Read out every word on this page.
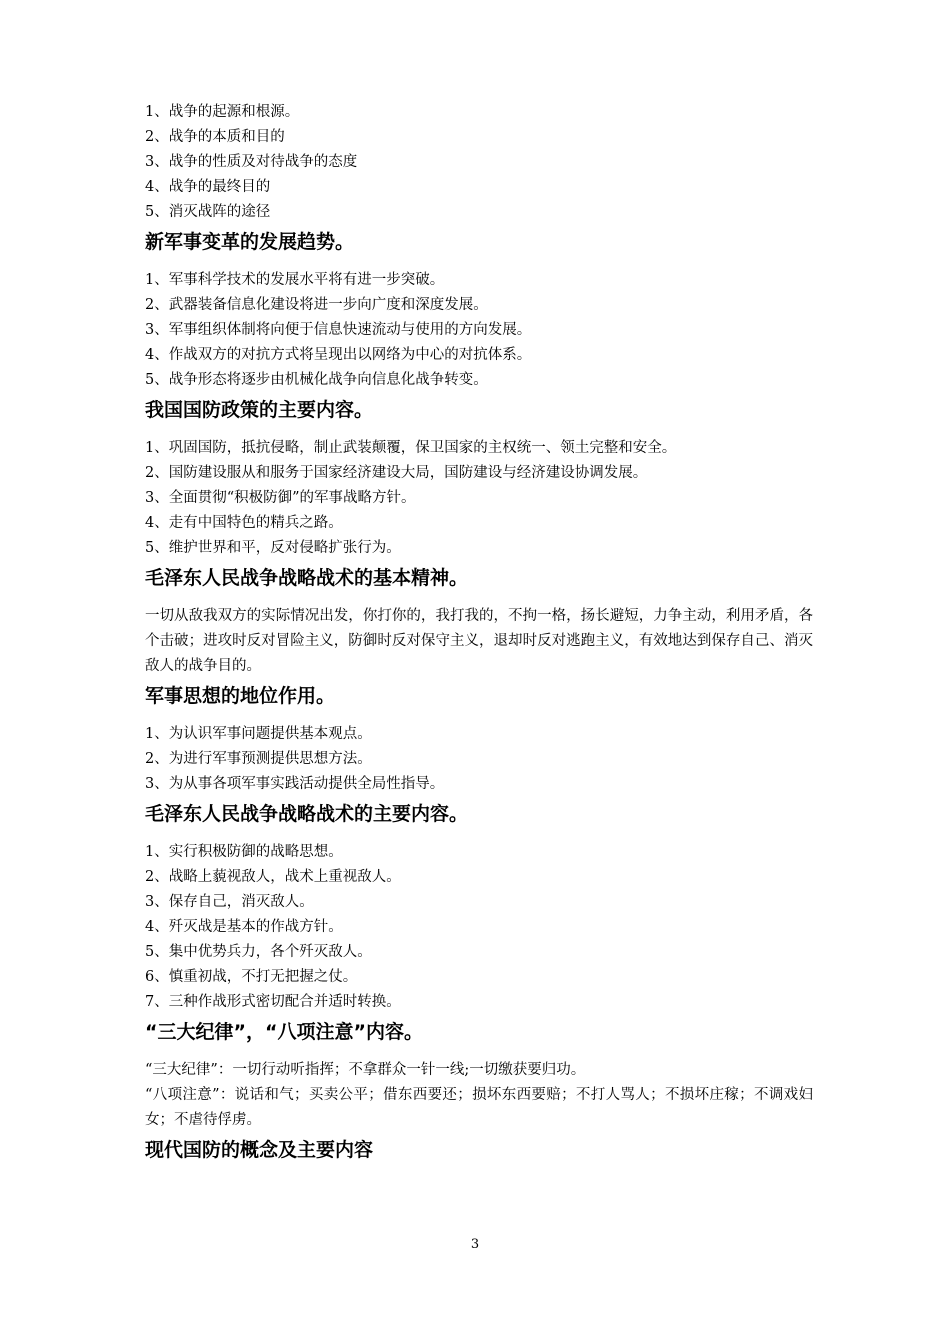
1、战争的起源和根源。
2、战争的本质和目的
3、战争的性质及对待战争的态度
4、战争的最终目的
5、消灭战阵的途径
新军事变革的发展趋势。
1、军事科学技术的发展水平将有进一步突破。
2、武器装备信息化建设将进一步向广度和深度发展。
3、军事组织体制将向便于信息快速流动与使用的方向发展。
4、作战双方的对抗方式将呈现出以网络为中心的对抗体系。
5、战争形态将逐步由机械化战争向信息化战争转变。
我国国防政策的主要内容。
1、巩固国防，抵抗侵略，制止武装颠覆，保卫国家的主权统一、领土完整和安全。
2、国防建设服从和服务于国家经济建设大局，国防建设与经济建设协调发展。
3、全面贯彻“积极防御”的军事战略方针。
4、走有中国特色的精兵之路。
5、维护世界和平，反对侵略扩张行为。
毛泽东人民战争战略战术的基本精神。
一切从敌我双方的实际情况出发，你打你的，我打我的，不拘一格，扬长避短，力争主动，利用矛盾，各个击破；进攻时反对冒险主义，防御时反对保守主义，退却时反对逃跑主义，有效地达到保存自己、消灭敌人的战争目的。
军事思想的地位作用。
1、为认识军事问题提供基本观点。
2、为进行军事预测提供思想方法。
3、为从事各项军事实践活动提供全局性指导。
毛泽东人民战争战略战术的主要内容。
1、实行积极防御的战略思想。
2、战略上藐视敌人，战术上重视敌人。
3、保存自己，消灭敌人。
4、歼灭战是基本的作战方针。
5、集中优势兵力，各个歼灭敌人。
6、慎重初战，不打无把握之仗。
7、三种作战形式密切配合并适时转换。
“三大纪律”，“八项注意”内容。
“三大纪律”：一切行动听指挥；不拿群众一针一线;一切缴获要归功。
“八项注意”：说话和气；买卖公平；借东西要还；损坏东西要赔；不打人骂人；不损坏庄稼；不调戏妇女；不虐待俘虏。
现代国防的概念及主要内容
3
